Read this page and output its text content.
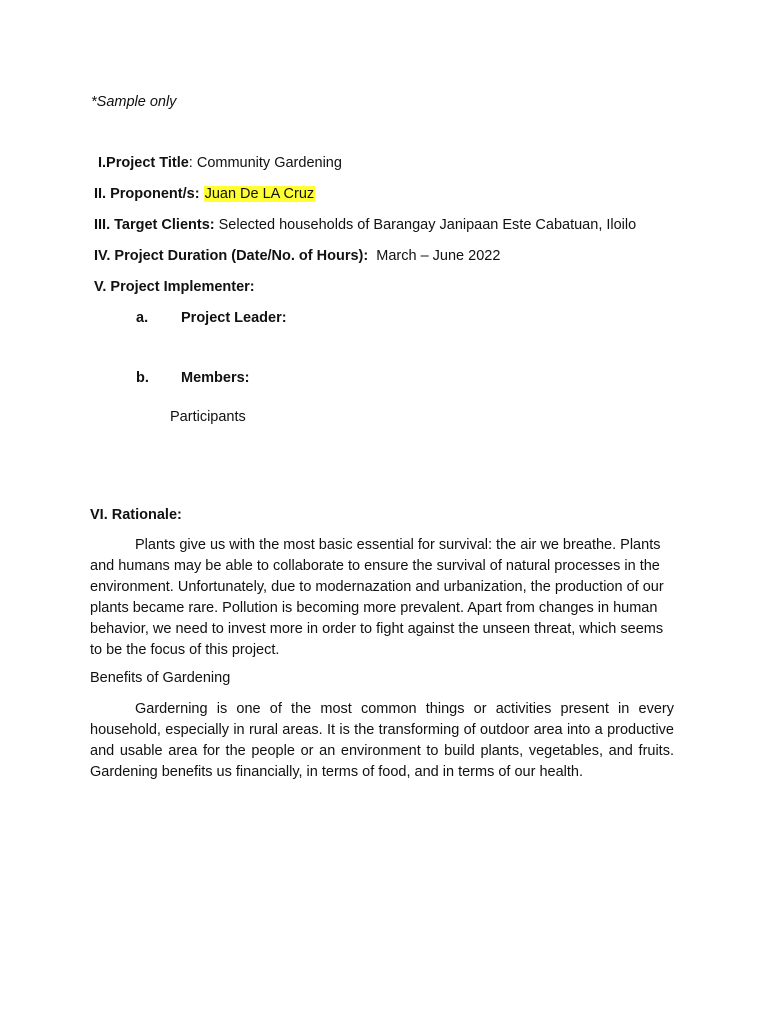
*Sample only
I.Project Title: Community Gardening
II. Proponent/s: Juan De LA Cruz
III. Target Clients: Selected households of Barangay Janipaan Este Cabatuan, Iloilo
IV. Project Duration (Date/No. of Hours): March – June 2022
V. Project Implementer:
a. Project Leader:
b. Members:
Participants
VI. Rationale:
Plants give us with the most basic essential for survival: the air we breathe. Plants and humans may be able to collaborate to ensure the survival of natural processes in the environment. Unfortunately, due to modernazation and urbanization, the production of our plants became rare. Pollution is becoming more prevalent. Apart from changes in human behavior, we need to invest more in order to fight against the unseen threat, which seems to be the focus of this project.
Benefits of Gardening
Garderning is one of the most common things or activities present in every household, especially in rural areas. It is the transforming of outdoor area into a productive and usable area for the people or an environment to build plants, vegetables, and fruits. Gardening benefits us financially, in terms of food, and in terms of our health.
